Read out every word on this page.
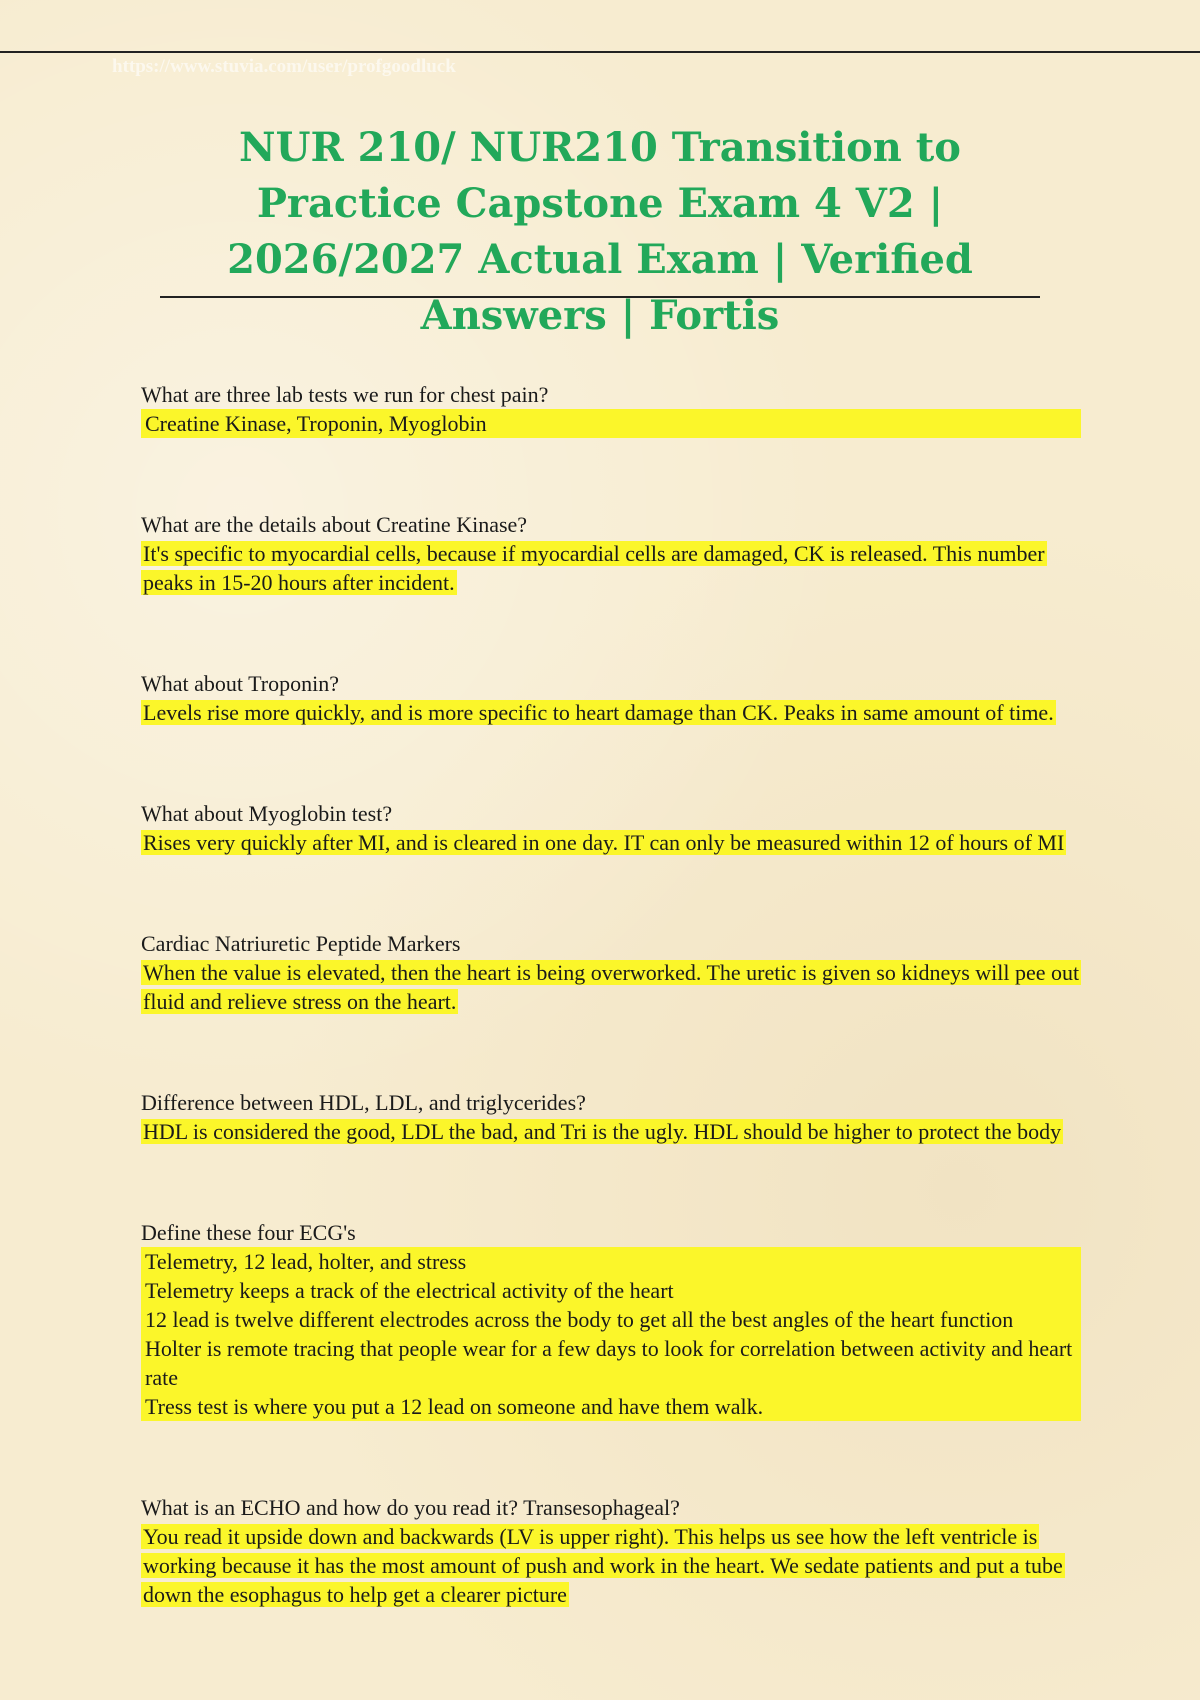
https://www.stuvia.com/user/profgoodluck
NUR 210/ NUR210 Transition to Practice Capstone Exam 4 V2 | 2026/2027 Actual Exam | Verified Answers | Fortis

What are three lab tests we run for chest pain?

Creatine Kinase, Troponin, Myoglobin

What are the details about Creatine Kinase?

It's specific to myocardial cells, because if myocardial cells are damaged, CK is released. This number peaks in 15-20 hours after incident.

What about Troponin?

Levels rise more quickly, and is more specific to heart damage than CK. Peaks in same amount of time.

What about Myoglobin test?

Rises very quickly after MI, and is cleared in one day. IT can only be measured within 12 of hours of MI

Cardiac Natriuretic Peptide Markers

When the value is elevated, then the heart is being overworked. The uretic is given so kidneys will pee out fluid and relieve stress on the heart.

Difference between HDL, LDL, and triglycerides?

HDL is considered the good, LDL the bad, and Tri is the ugly. HDL should be higher to protect the body

Define these four ECG's

Telemetry, 12 lead, holter, and stress
Telemetry keeps a track of the electrical activity of the heart
12 lead is twelve different electrodes across the body to get all the best angles of the heart function
Holter is remote tracing that people wear for a few days to look for correlation between activity and heart rate
Tress test is where you put a 12 lead on someone and have them walk.

What is an ECHO and how do you read it? Transesophageal?

You read it upside down and backwards (LV is upper right). This helps us see how the left ventricle is working because it has the most amount of push and work in the heart. We sedate patients and put a tube down the esophagus to help get a clearer picture
